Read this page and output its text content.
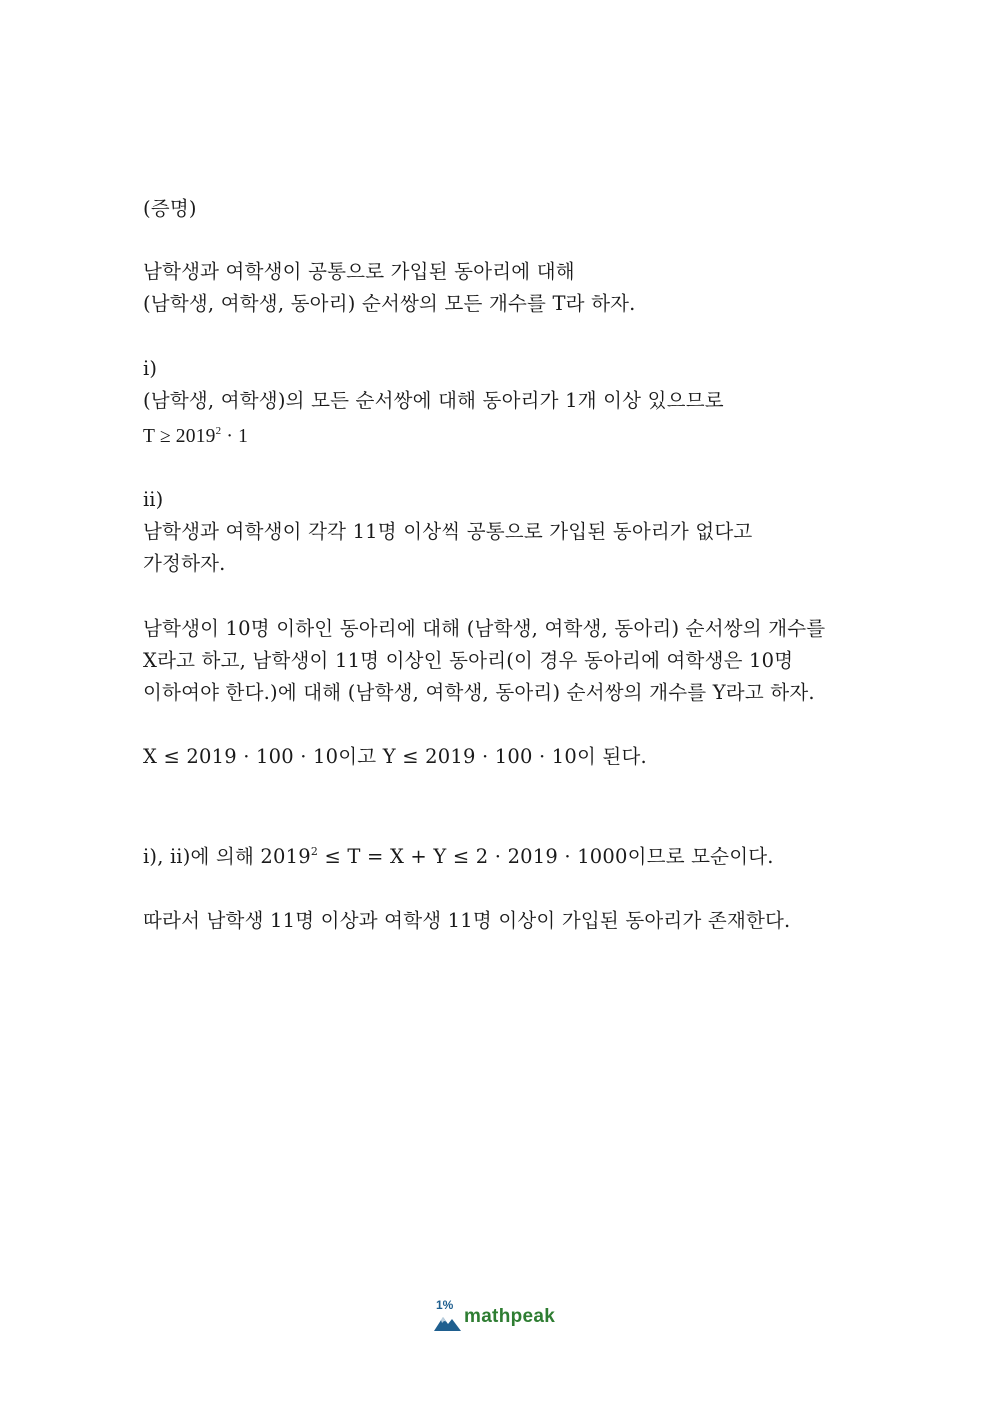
(증명)
남학생과 여학생이 공통으로 가입된 동아리에 대해
(남학생, 여학생, 동아리) 순서쌍의 모든 개수를 T라 하자.
ⅰ)
(남학생, 여학생)의 모든 순서쌍에 대해 동아리가 1개 이상 있으므로
$T \ge 2019^2 \cdot 1$
ⅱ)
남학생과 여학생이 각각 11명 이상씩 공통으로 가입된 동아리가 없다고
가정하자.
남학생이 10명 이하인 동아리에 대해 (남학생, 여학생, 동아리) 순서쌍의 개수를
X라고 하고, 남학생이 11명 이상인 동아리(이 경우 동아리에 여학생은 10명
이하여야 한다.)에 대해 (남학생, 여학생, 동아리) 순서쌍의 개수를 Y라고 하자.
X ≤ 2019 · 100 · 10이고 Y ≤ 2019 · 100 · 10이 된다.
ⅰ), ⅱ)에 의해 $2019^2 \le T = X + Y \le 2 \cdot 2019 \cdot 1000$이므로 모순이다.
따라서 남학생 11명 이상과 여학생 11명 이상이 가입된 동아리가 존재한다.
1%
mathpeak
